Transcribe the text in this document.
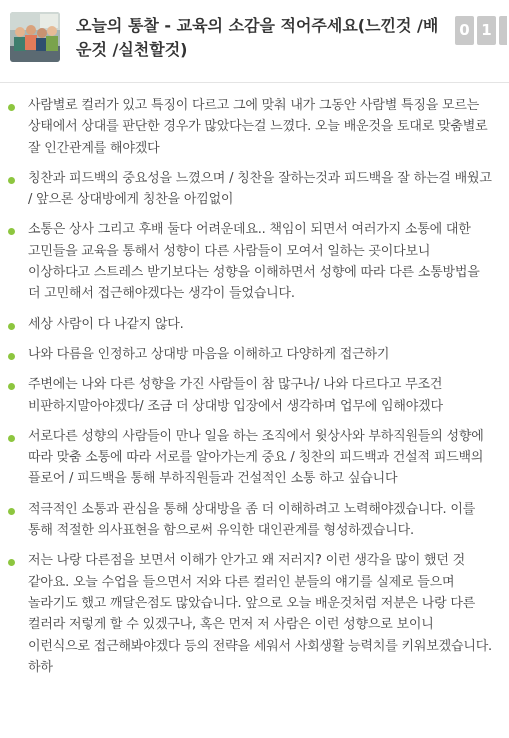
오늘의 통찰 - 교육의 소감을 적어주세요(느낀것 /배운것 /실천할것)
0 1
사람별로 컬러가 있고 특징이 다르고 그에 맞춰 내가 그동안 사람별 특징을 모르는 상태에서 상대를 판단한 경우가 많았다는걸 느꼈다. 오늘 배운것을 토대로 맞춤별로 잘 인간관계를 해야겠다
칭찬과 피드백의 중요성을 느꼈으며 / 칭찬을 잘하는것과 피드백을 잘 하는걸 배웠고 / 앞으론 상대방에게 칭찬을 아낌없이
소통은 상사 그리고 후배 둘다 어려운데요.. 책임이 되면서 여러가지 소통에 대한 고민들을 교육을 통해서 성향이 다른 사람들이 모여서 일하는 곳이다보니 이상하다고 스트레스 받기보다는 성향을 이해하면서 성향에 따라 다른 소통방법을 더 고민해서 접근해야겠다는 생각이 들었습니다.
세상 사람이 다 나같지 않다.
나와 다름을 인정하고 상대방 마음을 이해하고 다양하게 접근하기
주변에는 나와 다른 성향을 가진 사람들이 참 많구나/ 나와 다르다고 무조건 비판하지말아야겠다/ 조금 더 상대방 입장에서 생각하며 업무에 임해야겠다
서로다른 성향의 사람들이 만나 일을 하는 조직에서 윗상사와 부하직원들의 성향에 따라 맞춤 소통에 따라 서로를 알아가는게 중요 / 칭찬의 피드백과 건설적 피드백의 플로어 / 피드백을 통해 부하직원들과 건설적인 소통 하고 싶습니다
적극적인 소통과 관심을 통해 상대방을 좀 더 이해하려고 노력해야겠습니다. 이를 통해 적절한 의사표현을 함으로써 유익한 대인관계를 형성하겠습니다.
저는 나랑 다른점을 보면서 이해가 안가고 왜 저러지? 이런 생각을 많이 했던 것 같아요. 오늘 수업을 들으면서 저와 다른 컬러인 분들의 얘기를 실제로 들으며 놀라기도 했고 깨달은점도 많았습니다. 앞으로 오늘 배운것처럼 저분은 나랑 다른 컬러라 저렇게 할 수 있겠구나, 혹은 먼저 저 사람은 이런 성향으로 보이니 이런식으로 접근해봐야겠다 등의 전략을 세워서 사회생활 능력치를 키워보겠습니다. 하하
